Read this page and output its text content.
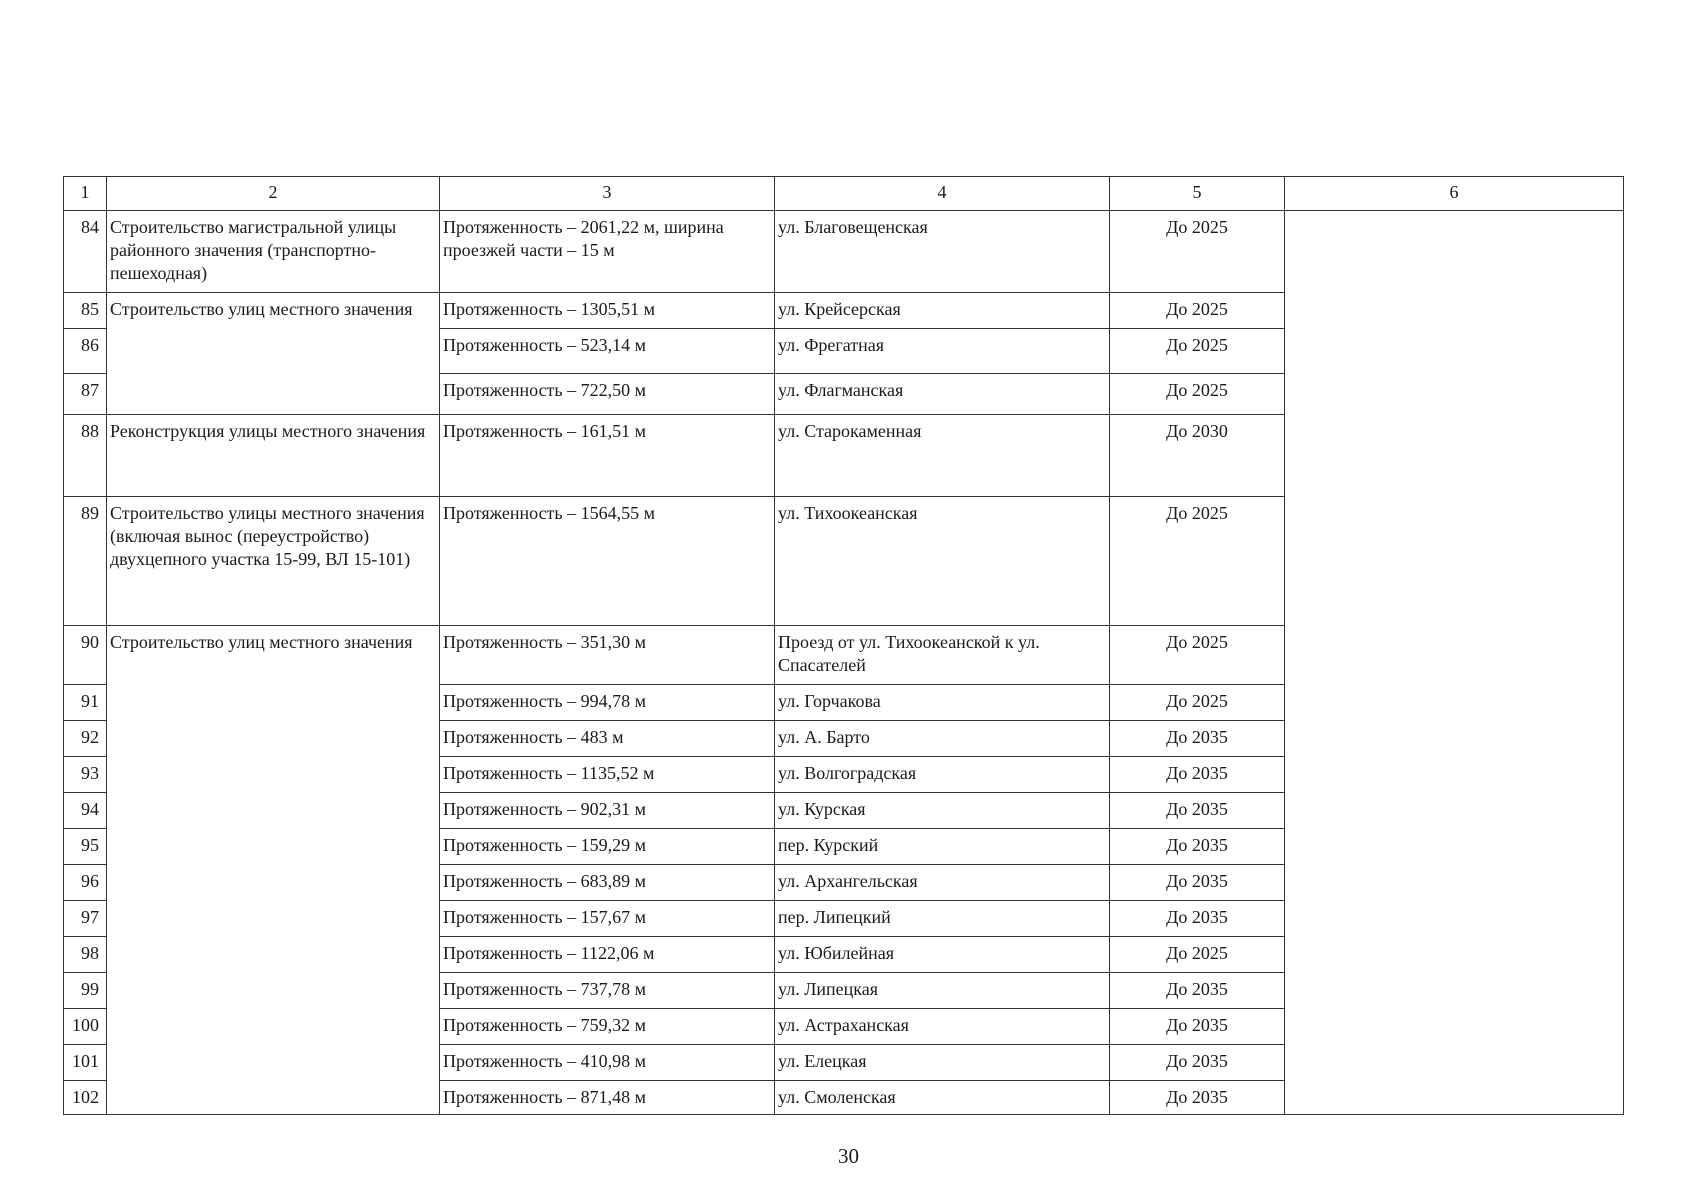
1	2	3	4	5	6
84	Строительство магистральной улицы районного значения (транспортно-пешеходная)	Протяженность – 2061,22 м, ширина проезжей части – 15 м	ул. Благовещенская	До 2025	
85	Строительство улиц местного значения	Протяженность – 1305,51 м	ул. Крейсерская	До 2025	
86		Протяженность – 523,14 м	ул. Фрегатная	До 2025	
87		Протяженность – 722,50 м	ул. Флагманская	До 2025	
88	Реконструкция улицы местного значения	Протяженность – 161,51 м	ул. Старокаменная	До 2030	
89	Строительство улицы местного значения (включая вынос (переустройство) двухцепного участка 15-99, ВЛ 15-101)	Протяженность – 1564,55 м	ул. Тихоокеанская	До 2025	
90	Строительство улиц местного значения	Протяженность – 351,30 м	Проезд от ул. Тихоокеанской к ул. Спасателей	До 2025	
91		Протяженность – 994,78 м	ул. Горчакова	До 2025	
92		Протяженность – 483 м	ул. А. Барто	До 2035	
93		Протяженность – 1135,52 м	ул. Волгоградская	До 2035	
94		Протяженность – 902,31 м	ул. Курская	До 2035	
95		Протяженность – 159,29 м	пер. Курский	До 2035	
96		Протяженность – 683,89 м	ул. Архангельская	До 2035	
97		Протяженность – 157,67 м	пер. Липецкий	До 2035	
98		Протяженность – 1122,06 м	ул. Юбилейная	До 2025	
99		Протяженность – 737,78 м	ул. Липецкая	До 2035	
100		Протяженность – 759,32 м	ул. Астраханская	До 2035	
101		Протяженность – 410,98 м	ул. Елецкая	До 2035	
102		Протяженность – 871,48 м	ул. Смоленская	До 2035	
30
